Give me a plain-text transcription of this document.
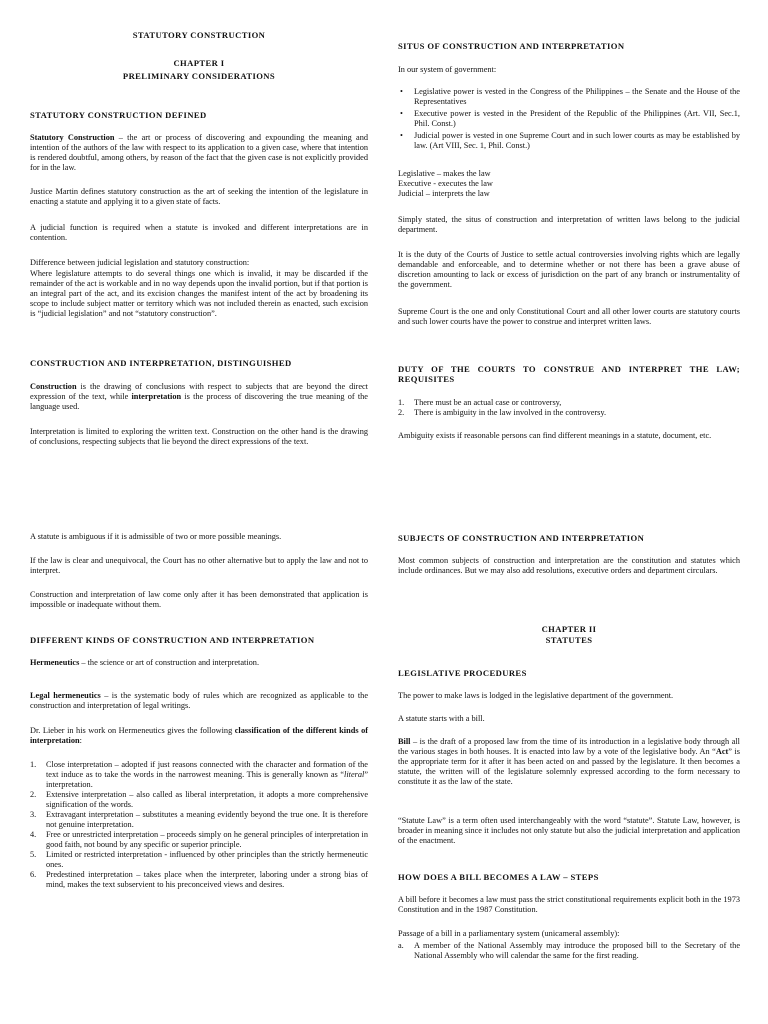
STATUTORY CONSTRUCTION

CHAPTER I

PRELIMINARY CONSIDERATIONS

STATUTORY CONSTRUCTION DEFINED

Statutory Construction – the art or process of discovering and expounding the meaning and intention of the authors of the law with respect to its application to a given case, where that intention is rendered doubtful, among others, by reason of the fact that the given case is not explicitly provided for in the law.

Justice Martin defines statutory construction as the art of seeking the intention of the legislature in enacting a statute and applying it to a given state of facts.

A judicial function is required when a statute is invoked and different interpretations are in contention.

Difference between judicial legislation and statutory construction:

Where legislature attempts to do several things one which is invalid, it may be discarded if the remainder of the act is workable and in no way depends upon the invalid portion, but if that portion is an integral part of the act, and its excision changes the manifest intent of the act by broadening its scope to include subject matter or territory which was not included therein as enacted, such excision is “judicial legislation” and not “statutory construction”.

CONSTRUCTION AND INTERPRETATION, DISTINGUISHED

Construction is the drawing of conclusions with respect to subjects that are beyond the direct expression of the text, while interpretation is the process of discovering the true meaning of the language used.

Interpretation is limited to exploring the written text. Construction on the other hand is the drawing of conclusions, respecting subjects that lie beyond the direct expressions of the text.

A statute is ambiguous if it is admissible of two or more possible meanings.

If the law is clear and unequivocal, the Court has no other alternative but to apply the law and not to interpret.

Construction and interpretation of law come only after it has been demonstrated that application is impossible or inadequate without them.

DIFFERENT KINDS OF CONSTRUCTION AND INTERPRETATION

Hermeneutics – the science or art of construction and interpretation.

Legal hermeneutics – is the systematic body of rules which are recognized as applicable to the construction and interpretation of legal writings.

Dr. Lieber in his work on Hermeneutics gives the following classification of the different kinds of interpretation:

1. Close interpretation – adopted if just reasons connected with the character and formation of the text induce as to take the words in the narrowest meaning. This is generally known as “literal” interpretation.
2. Extensive interpretation – also called as liberal interpretation, it adopts a more comprehensive signification of the words.
3. Extravagant interpretation – substitutes a meaning evidently beyond the true one. It is therefore not genuine interpretation.
4. Free or unrestricted interpretation – proceeds simply on he general principles of interpretation in good faith, not bound by any specific or superior principle.
5. Limited or restricted interpretation - influenced by other principles than the strictly hermeneutic ones.
6. Predestined interpretation – takes place when the interpreter, laboring under a strong bias of mind, makes the text subservient to his preconceived views and desires.

SITUS OF CONSTRUCTION AND INTERPRETATION

In our system of government:

• Legislative power is vested in the Congress of the Philippines – the Senate and the House of the Representatives
• Executive power is vested in the President of the Republic of the Philippines (Art. VII, Sec.1, Phil. Const.)
• Judicial power is vested in one Supreme Court and in such lower courts as may be established by law. (Art VIII, Sec. 1, Phil. Const.)

Legislative – makes the law
Executive - executes the law
Judicial – interprets the law

Simply stated, the situs of construction and interpretation of written laws belong to the judicial department.

It is the duty of the Courts of Justice to settle actual controversies involving rights which are legally demandable and enforceable, and to determine whether or not there has been a grave abuse of discretion amounting to lack or excess of jurisdiction on the part of any branch or instrumentality of the government.

Supreme Court is the one and only Constitutional Court and all other lower courts are statutory courts and such lower courts have the power to construe and interpret written laws.

DUTY OF THE COURTS TO CONSTRUE AND INTERPRET THE LAW; REQUISITES

1. There must be an actual case or controversy,
2. There is ambiguity in the law involved in the controversy.

Ambiguity exists if reasonable persons can find different meanings in a statute, document, etc.

SUBJECTS OF CONSTRUCTION AND INTERPRETATION

Most common subjects of construction and interpretation are the constitution and statutes which include ordinances. But we may also add resolutions, executive orders and department circulars.

CHAPTER II

STATUTES

LEGISLATIVE PROCEDURES

The power to make laws is lodged in the legislative department of the government.

A statute starts with a bill.

Bill – is the draft of a proposed law from the time of its introduction in a legislative body through all the various stages in both houses. It is enacted into law by a vote of the legislative body. An “Act” is the appropriate term for it after it has been acted on and passed by the legislature. It then becomes a statute, the written will of the legislature solemnly expressed according to the form necessary to constitute it as the law of the state.

“Statute Law” is a term often used interchangeably with the word “statute”. Statute Law, however, is broader in meaning since it includes not only statute but also the judicial interpretation and application of the enactment.

HOW DOES A BILL BECOMES A LAW – STEPS

A bill before it becomes a law must pass the strict constitutional requirements explicit both in the 1973 Constitution and in the 1987 Constitution.

Passage of a bill in a parliamentary system (unicameral assembly):

a. A member of the National Assembly may introduce the proposed bill to the Secretary of the National Assembly who will calendar the same for the first reading.
